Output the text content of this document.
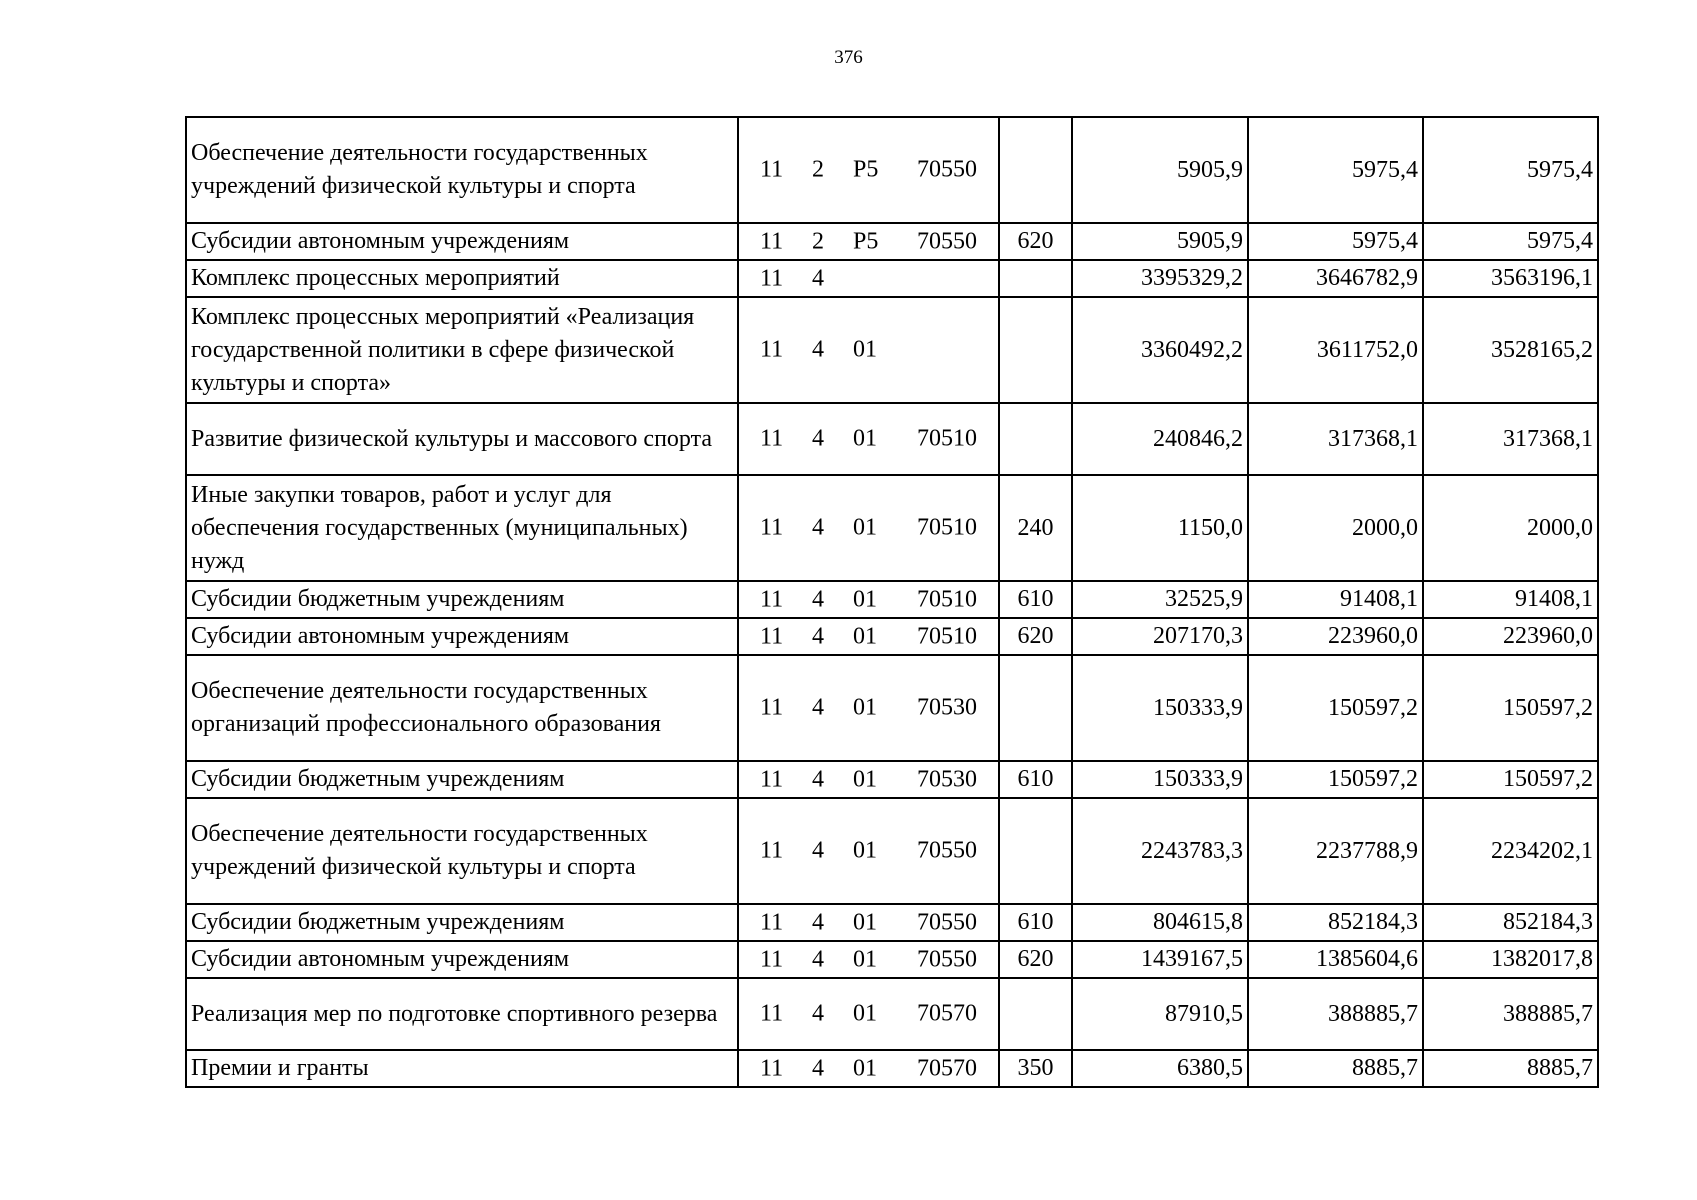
376
Обеспечение деятельности государственных учреждений физической культуры и спорта	11 2 Р5 70550		5905,9	5975,4	5975,4
Субсидии автономным учреждениям	11 2 Р5 70550	620	5905,9	5975,4	5975,4
Комплекс процессных мероприятий	11 4		3395329,2	3646782,9	3563196,1
Комплекс процессных мероприятий «Реализация государственной политики в сфере физической культуры и спорта»	11 4 01		3360492,2	3611752,0	3528165,2
Развитие физической культуры и массового спорта	11 4 01 70510		240846,2	317368,1	317368,1
Иные закупки товаров, работ и услуг для обеспечения государственных (муниципальных) нужд	11 4 01 70510	240	1150,0	2000,0	2000,0
Субсидии бюджетным учреждениям	11 4 01 70510	610	32525,9	91408,1	91408,1
Субсидии автономным учреждениям	11 4 01 70510	620	207170,3	223960,0	223960,0
Обеспечение деятельности государственных организаций профессионального образования	11 4 01 70530		150333,9	150597,2	150597,2
Субсидии бюджетным учреждениям	11 4 01 70530	610	150333,9	150597,2	150597,2
Обеспечение деятельности государственных учреждений физической культуры и спорта	11 4 01 70550		2243783,3	2237788,9	2234202,1
Субсидии бюджетным учреждениям	11 4 01 70550	610	804615,8	852184,3	852184,3
Субсидии автономным учреждениям	11 4 01 70550	620	1439167,5	1385604,6	1382017,8
Реализация мер по подготовке спортивного резерва	11 4 01 70570		87910,5	388885,7	388885,7
Премии и гранты	11 4 01 70570	350	6380,5	8885,7	8885,7
